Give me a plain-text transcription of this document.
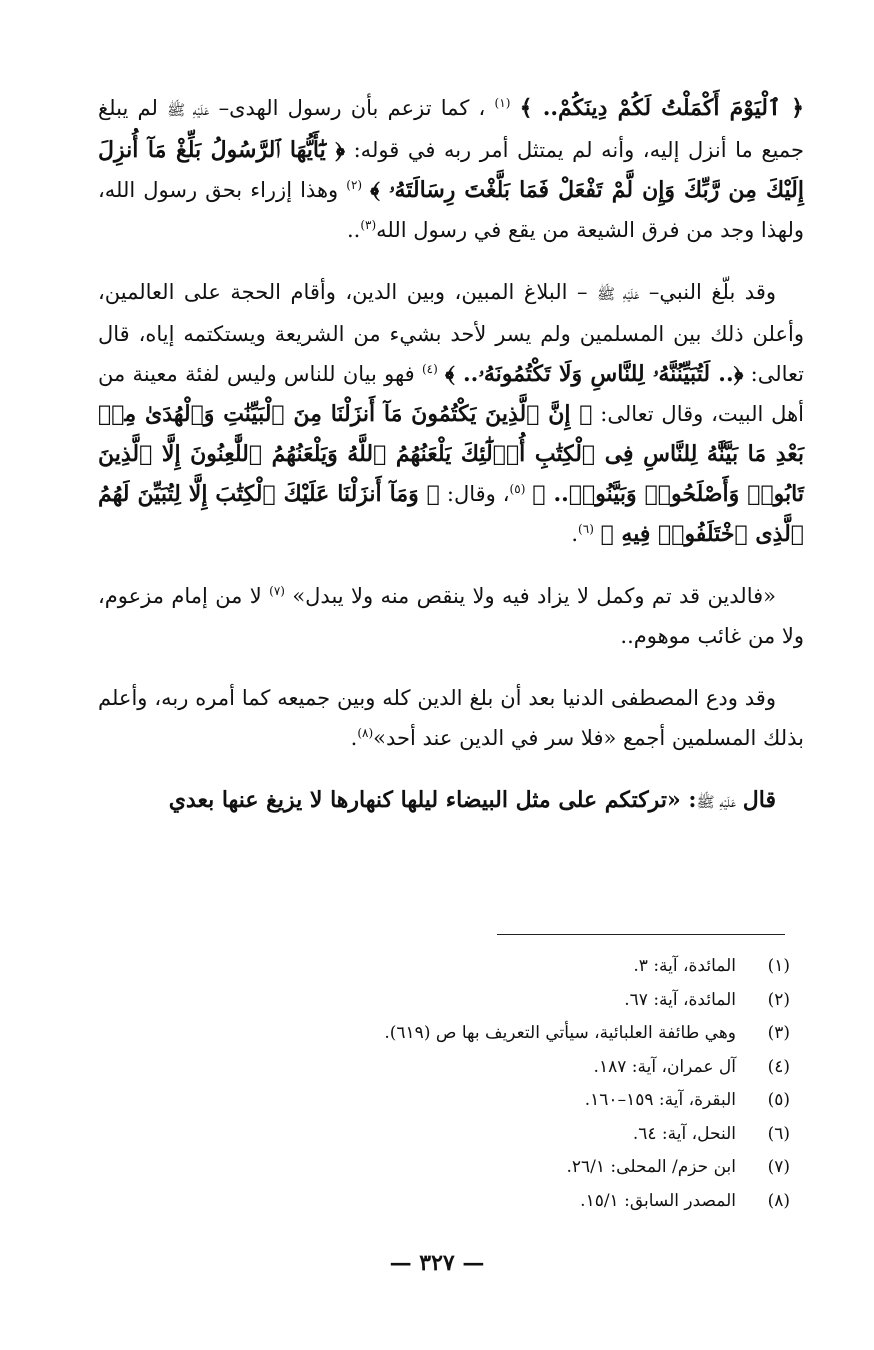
﴿ ٱلْيَوْمَ أَكْمَلْتُ لَكُمْ دِينَكُمْ.. ﴾ $^{(١)}$ ، كما تزعم بأن رسول الهدى– عَلَيْهِ ﷺ لم يبلغ جميع ما أنزل إليه، وأنه لم يمتثل أمر ربه في قوله: ﴿ يَٰٓأَيُّهَا ٱلرَّسُولُ بَلِّغْ مَآ أُنزِلَ إِلَيْكَ مِن رَّبِّكَ وَإِن لَّمْ تَفْعَلْ فَمَا بَلَّغْتَ رِسَالَتَهُۥ ﴾ $^{(٢)}$ وهذا إزراء بحق رسول الله، ولهذا وجد من فرق الشيعة من يقع في رسول الله$^{(٣)}$..

وقد بلّغ النبي– عَلَيْهِ ﷺ – البلاغ المبين، وبين الدين، وأقام الحجة على العالمين، وأعلن ذلك بين المسلمين ولم يسر لأحد بشيء من الشريعة ويستكتمه إياه، قال تعالى: ﴿.. لَتُبَيِّنُنَّهُۥ لِلنَّاسِ وَلَا تَكْتُمُونَهُۥ.. ﴾ $^{(٤)}$ فهو بيان للناس وليس لفئة معينة من أهل البيت، وقال تعالى: ﴿ إِنَّ ٱلَّذِينَ يَكْتُمُونَ مَآ أَنزَلْنَا مِنَ ٱلْبَيِّنَٰتِ وَٱلْهُدَىٰ مِنۢ بَعْدِ مَا بَيَّنَّٰهُ لِلنَّاسِ فِى ٱلْكِتَٰبِ أُو۟لَٰٓئِكَ يَلْعَنُهُمُ ٱللَّهُ وَيَلْعَنُهُمُ ٱللَّٰعِنُونَ إِلَّا ٱلَّذِينَ تَابُوا۟ وَأَصْلَحُوا۟ وَبَيَّنُوا۟.. ﴾ $^{(٥)}$، وقال: ﴿ وَمَآ أَنزَلْنَا عَلَيْكَ ٱلْكِتَٰبَ إِلَّا لِتُبَيِّنَ لَهُمُ ٱلَّذِى ٱخْتَلَفُوا۟ فِيهِ ﴾ $^{(٦)}$.

«فالدين قد تم وكمل لا يزاد فيه ولا ينقص منه ولا يبدل» $^{(٧)}$ لا من إمام مزعوم، ولا من غائب موهوم..

وقد ودع المصطفى الدنيا بعد أن بلغ الدين كله وبين جميعه كما أمره ربه، وأعلم بذلك المسلمين أجمع «فلا سر في الدين عند أحد»$^{(٨)}$.

قال عَلَيْهِ ﷺ: «تركتكم على مثل البيضاء ليلها كنهارها لا يزيغ عنها بعدي

(١)
المائدة، آية: ٣.
(٢)
المائدة، آية: ٦٧.
(٣)
وهي طائفة العلبائية، سيأتي التعريف بها ص (٦١٩).
(٤)
آل عمران، آية: ١٨٧.
(٥)
البقرة، آية: ١٥٩–١٦٠.
(٦)
النحل، آية: ٦٤.
(٧)
ابن حزم/ المحلى: ٢٦/١.
(٨)
المصدر السابق: ١٥/١.
— ٣٢٧ —
